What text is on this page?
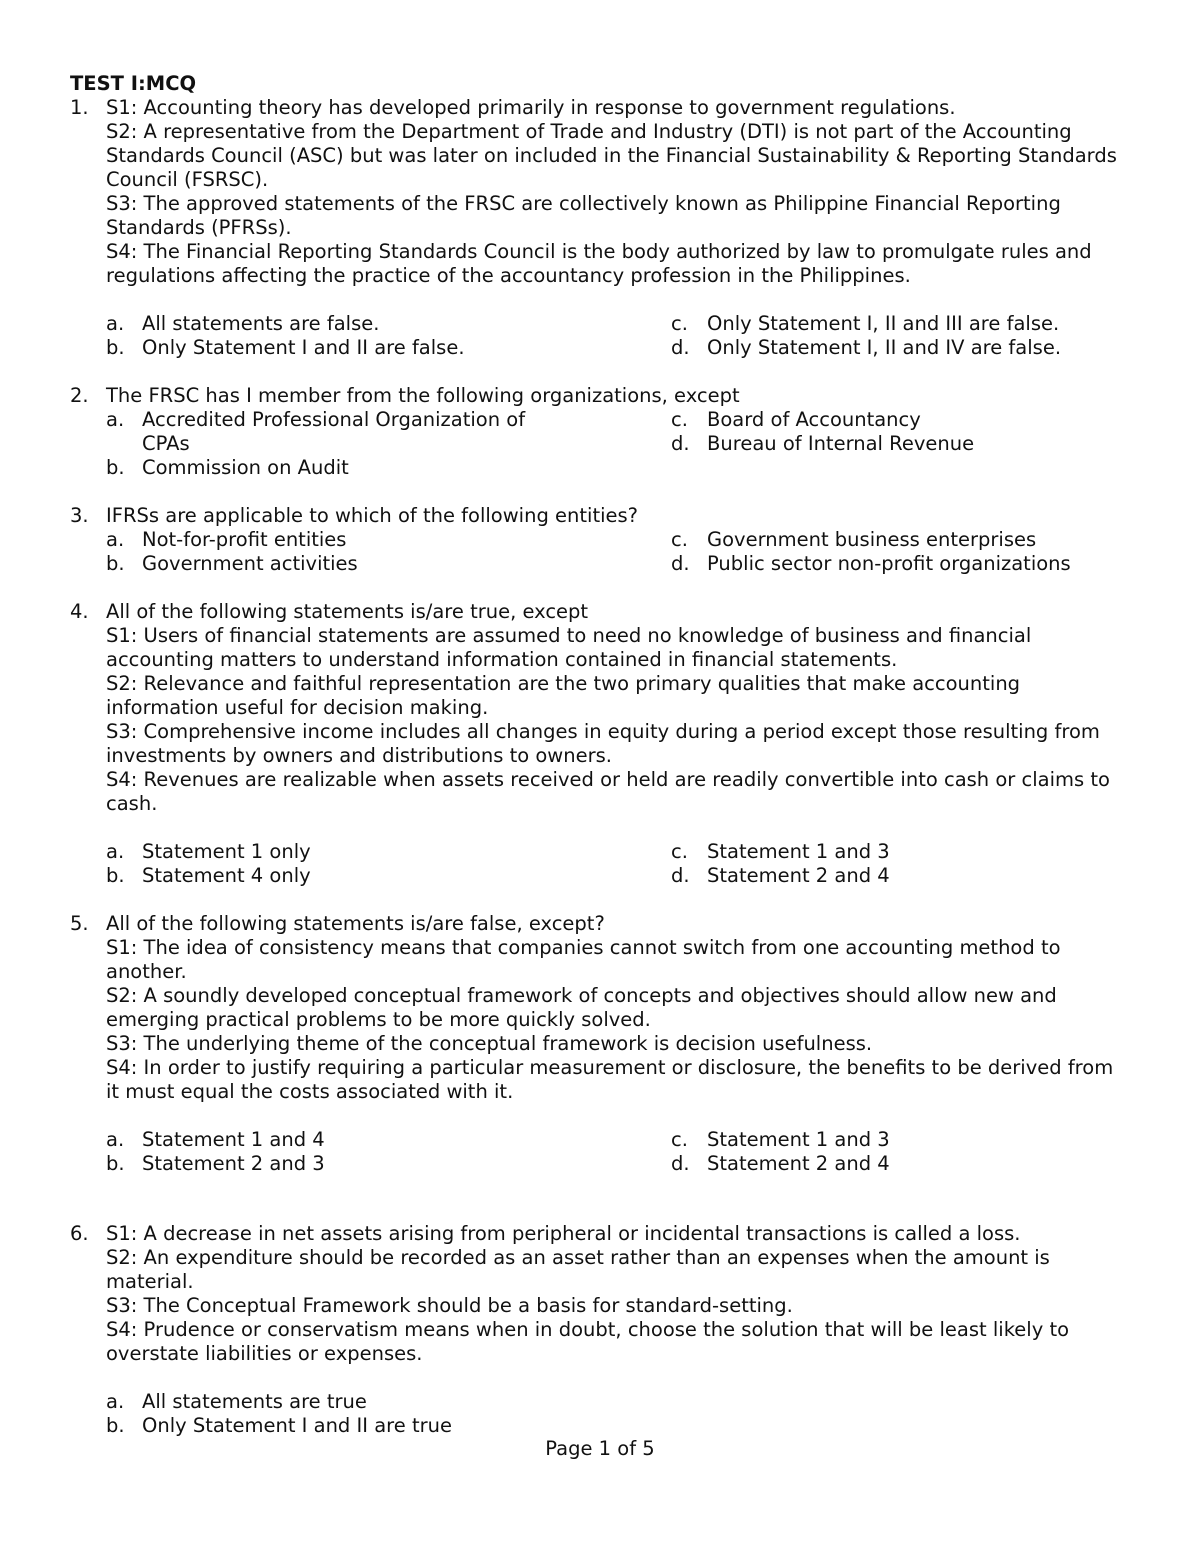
TEST I:MCQ
1. S1: Accounting theory has developed primarily in response to government regulations.
S2: A representative from the Department of Trade and Industry (DTI) is not part of the Accounting Standards Council (ASC) but was later on included in the Financial Sustainability & Reporting Standards Council (FSRSC).
S3: The approved statements of the FRSC are collectively known as Philippine Financial Reporting Standards (PFRSs).
S4: The Financial Reporting Standards Council is the body authorized by law to promulgate rules and regulations affecting the practice of the accountancy profession in the Philippines.
a. All statements are false.	c. Only Statement I, II and III are false.
b. Only Statement I and II are false.	d. Only Statement I, II and IV are false.
2. The FRSC has I member from the following organizations, except
a. Accredited Professional Organization of CPAs
b. Commission on Audit
c. Board of Accountancy
d. Bureau of Internal Revenue
3. IFRSs are applicable to which of the following entities?
a. Not-for-profit entities	c. Government business enterprises
b. Government activities	d. Public sector non-profit organizations
4. All of the following statements is/are true, except
S1: Users of financial statements are assumed to need no knowledge of business and financial accounting matters to understand information contained in financial statements.
S2: Relevance and faithful representation are the two primary qualities that make accounting information useful for decision making.
S3: Comprehensive income includes all changes in equity during a period except those resulting from investments by owners and distributions to owners.
S4: Revenues are realizable when assets received or held are readily convertible into cash or claims to cash.
a. Statement 1 only	c. Statement 1 and 3
b. Statement 4 only	d. Statement 2 and 4
5. All of the following statements is/are false, except?
S1: The idea of consistency means that companies cannot switch from one accounting method to another.
S2: A soundly developed conceptual framework of concepts and objectives should allow new and emerging practical problems to be more quickly solved.
S3: The underlying theme of the conceptual framework is decision usefulness.
S4: In order to justify requiring a particular measurement or disclosure, the benefits to be derived from it must equal the costs associated with it.
a. Statement 1 and 4	c. Statement 1 and 3
b. Statement 2 and 3	d. Statement 2 and 4
6. S1: A decrease in net assets arising from peripheral or incidental transactions is called a loss.
S2: An expenditure should be recorded as an asset rather than an expenses when the amount is material.
S3: The Conceptual Framework should be a basis for standard-setting.
S4: Prudence or conservatism means when in doubt, choose the solution that will be least likely to overstate liabilities or expenses.
a. All statements are true
b. Only Statement I and II are true
Page 1 of 5
